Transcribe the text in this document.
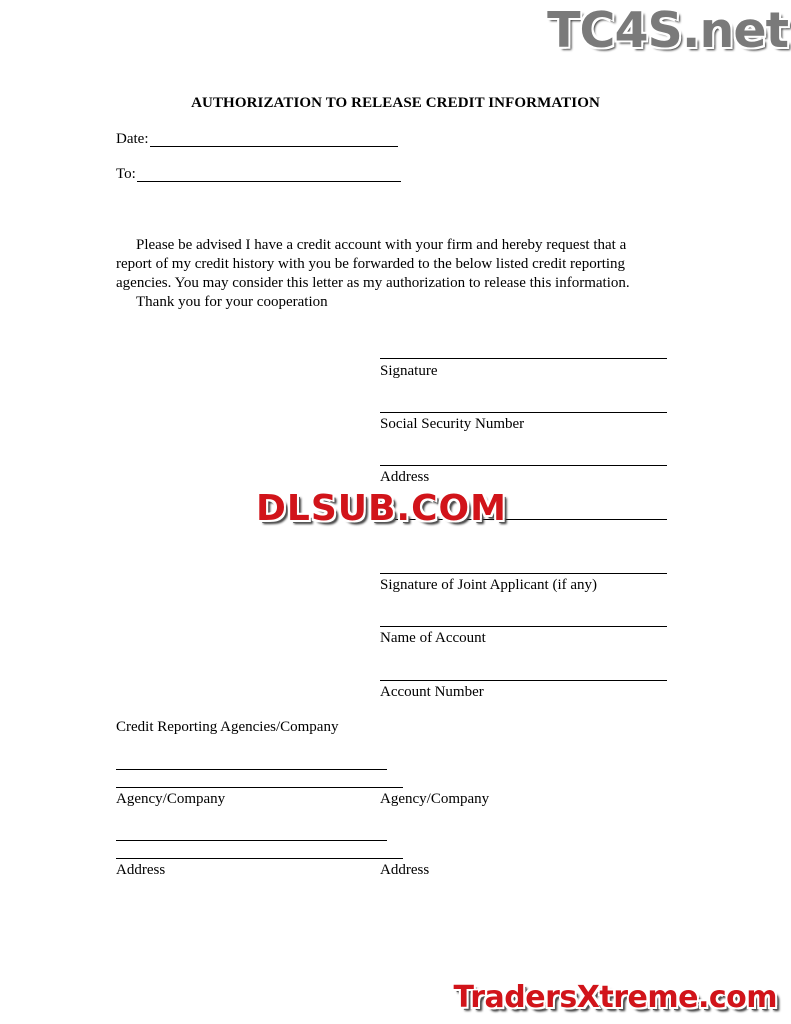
AUTHORIZATION TO RELEASE CREDIT INFORMATION
Date:
To:

Please be advised I have a credit account with your firm and hereby request that a

report of my credit history with you be forwarded to the below listed credit reporting

agencies. You may consider this letter as my authorization to release this information.

Thank you for your cooperation

Signature
Social Security Number
Address
Signature of Joint Applicant (if any)
Name of Account
Account Number
Credit Reporting Agencies/Company
Agency/Company	Agency/Company
Address	Address
TC4S.net
DLSUB.COM
TradersXtreme.com
